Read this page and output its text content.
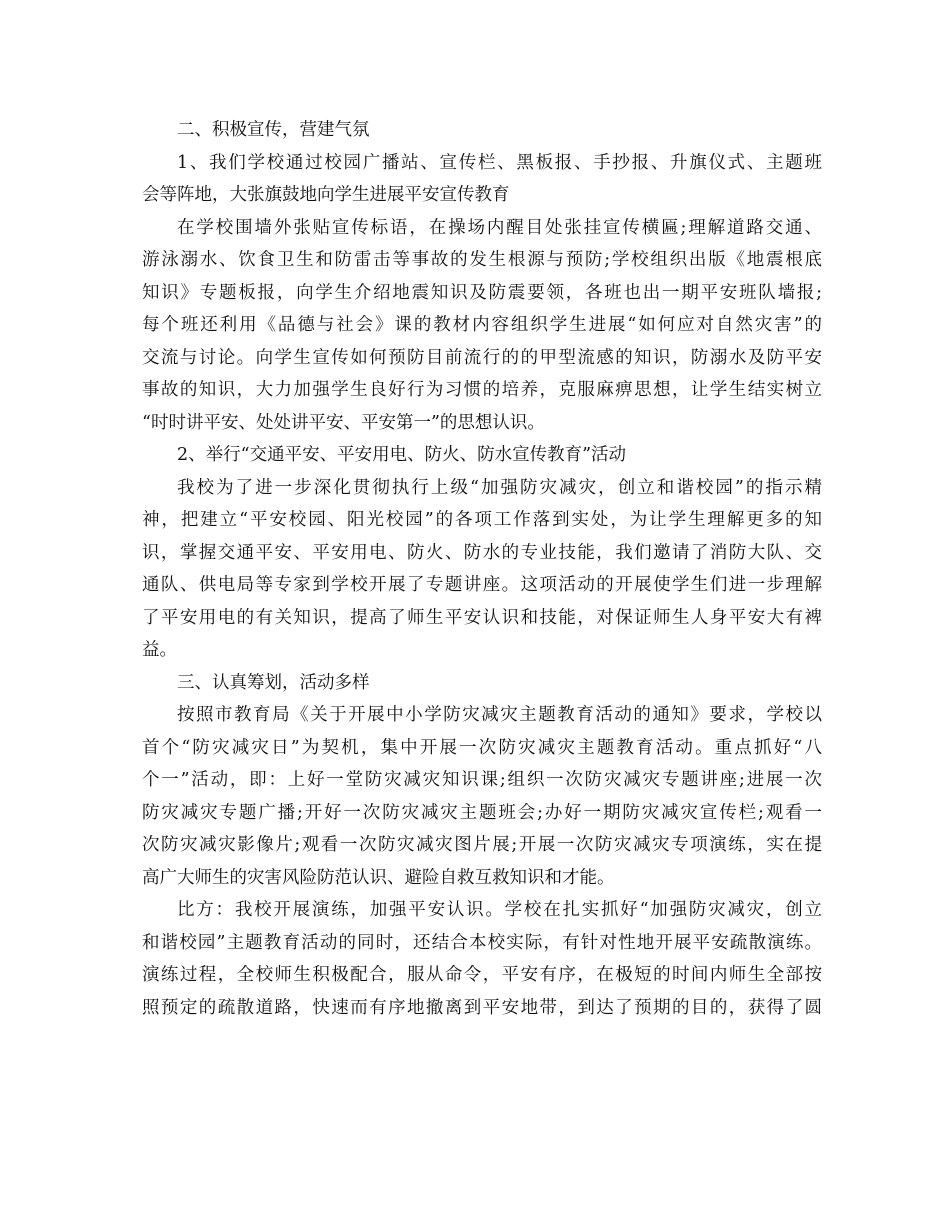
二、积极宣传，营建气氛
1、我们学校通过校园广播站、宣传栏、黑板报、手抄报、升旗仪式、主题班
会等阵地，大张旗鼓地向学生进展平安宣传教育
在学校围墙外张贴宣传标语，在操场内醒目处张挂宣传横匾;理解道路交通、
游泳溺水、饮食卫生和防雷击等事故的发生根源与预防;学校组织出版《地震根底
知识》专题板报，向学生介绍地震知识及防震要领，各班也出一期平安班队墙报;
每个班还利用《品德与社会》课的教材内容组织学生进展“如何应对自然灾害”的
交流与讨论。向学生宣传如何预防目前流行的的甲型流感的知识，防溺水及防平安
事故的知识，大力加强学生良好行为习惯的培养，克服麻痹思想，让学生结实树立
“时时讲平安、处处讲平安、平安第一”的思想认识。
2、举行“交通平安、平安用电、防火、防水宣传教育”活动
我校为了进一步深化贯彻执行上级“加强防灾减灾，创立和谐校园”的指示精
神，把建立“平安校园、阳光校园”的各项工作落到实处，为让学生理解更多的知
识，掌握交通平安、平安用电、防火、防水的专业技能，我们邀请了消防大队、交
通队、供电局等专家到学校开展了专题讲座。这项活动的开展使学生们进一步理解
了平安用电的有关知识，提高了师生平安认识和技能，对保证师生人身平安大有裨
益。
三、认真筹划，活动多样
按照市教育局《关于开展中小学防灾减灾主题教育活动的通知》要求，学校以
首个“防灾减灾日”为契机，集中开展一次防灾减灾主题教育活动。重点抓好“八
个一”活动，即：上好一堂防灾减灾知识课;组织一次防灾减灾专题讲座;进展一次
防灾减灾专题广播;开好一次防灾减灾主题班会;办好一期防灾减灾宣传栏;观看一
次防灾减灾影像片;观看一次防灾减灾图片展;开展一次防灾减灾专项演练，实在提
高广大师生的灾害风险防范认识、避险自救互救知识和才能。
比方：我校开展演练，加强平安认识。学校在扎实抓好“加强防灾减灾，创立
和谐校园”主题教育活动的同时，还结合本校实际，有针对性地开展平安疏散演练。
演练过程，全校师生积极配合，服从命令，平安有序，在极短的时间内师生全部按
照预定的疏散道路，快速而有序地撤离到平安地带，到达了预期的目的，获得了圆
